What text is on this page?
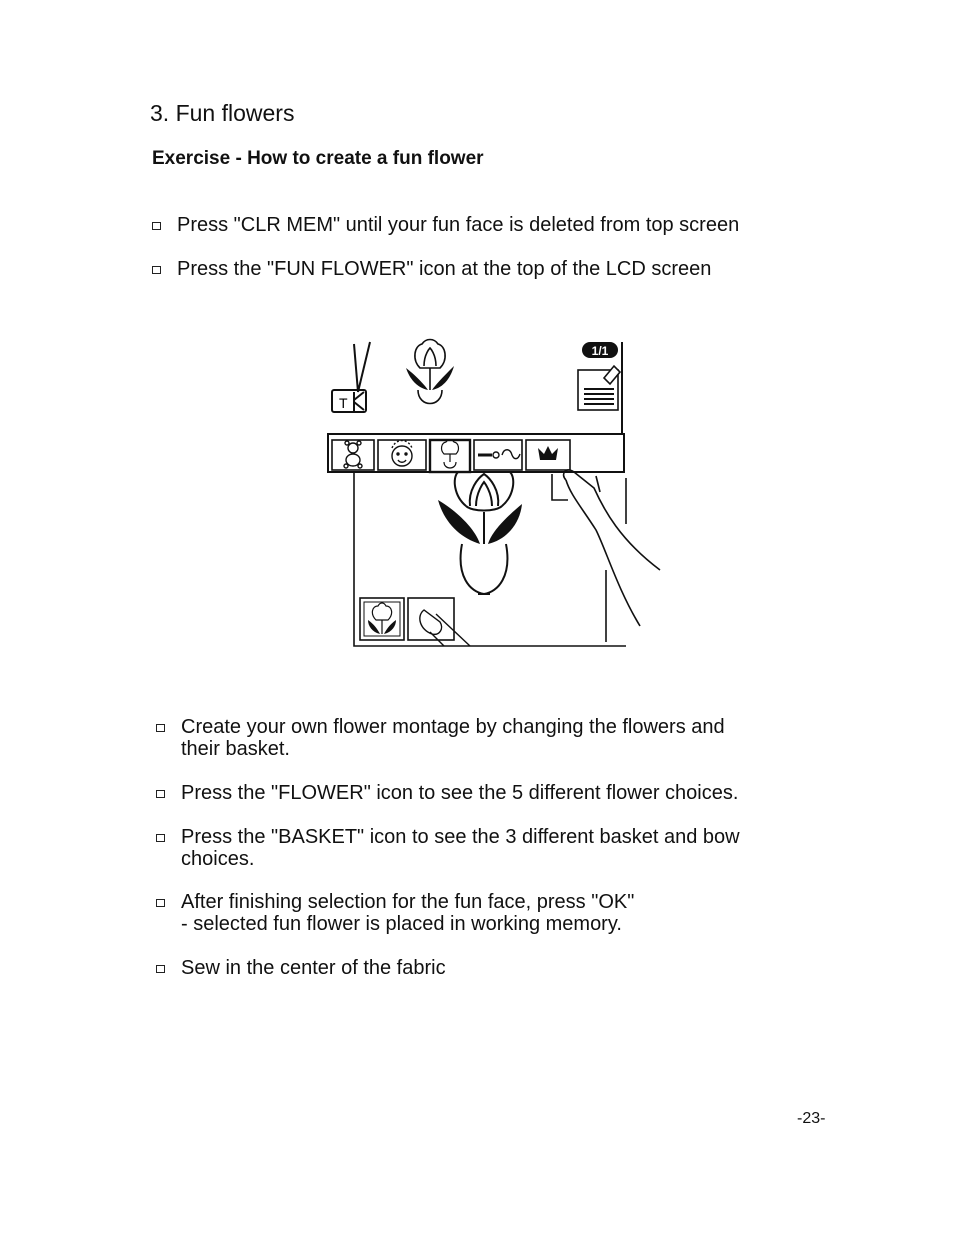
3. Fun flowers
Exercise - How to create a fun flower
Press "CLR MEM" until your fun face is deleted from top screen
Press the "FUN FLOWER" icon at the top of the LCD screen
T
1/1
Create your own flower montage by changing the flowers and
their basket.
Press the "FLOWER" icon to see the 5 different flower choices.
Press the "BASKET" icon to see the 3 different basket and bow
choices.
After finishing selection for the fun face, press "OK"
- selected fun flower is placed in working memory.
Sew in the center of the fabric
-23-
